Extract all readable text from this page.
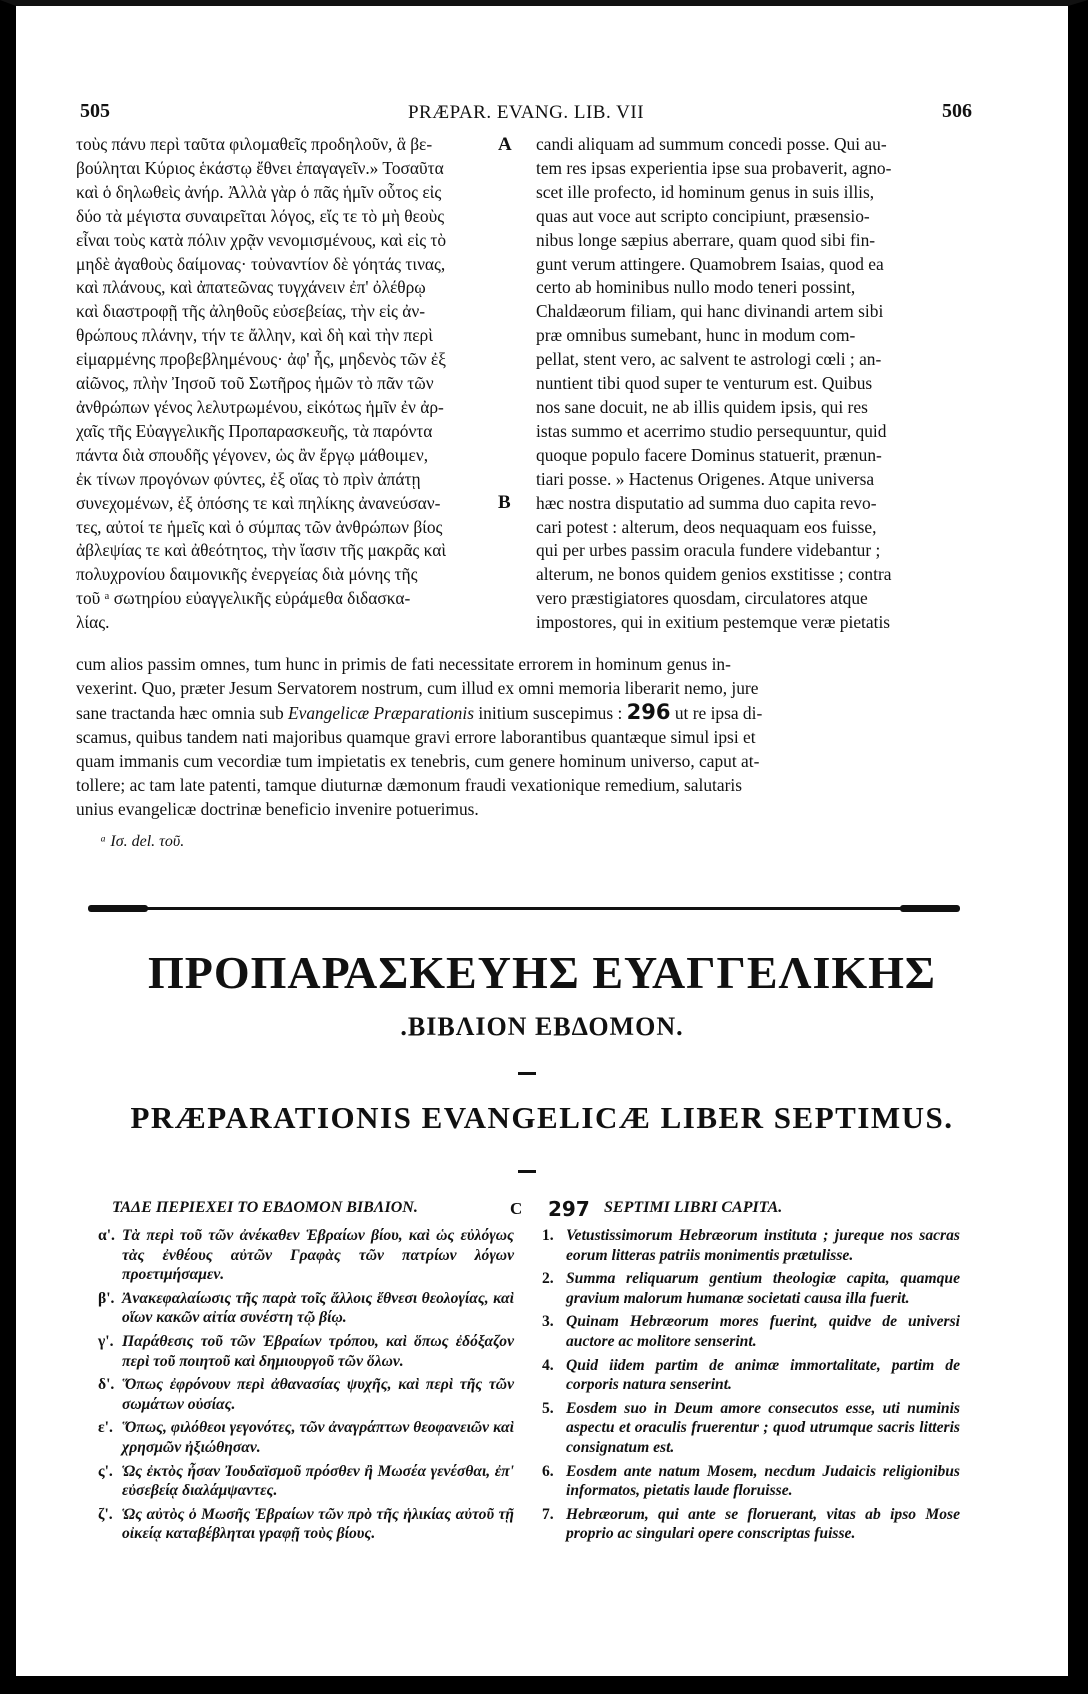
505	PRÆPAR. EVANG. LIB. VII	506
A
B

τοὺς πάνυ περὶ ταῦτα φιλομαθεῖς προδηλοῦν, ἃ βε-

βούληται Κύριος ἑκάστῳ ἔθνει ἐπαγαγεῖν.» Τοσαῦτα

καὶ ὁ δηλωθεὶς ἀνήρ. Ἀλλὰ γὰρ ὁ πᾶς ἡμῖν οὗτος εἰς

δύο τὰ μέγιστα συναιρεῖται λόγος, εἴς τε τὸ μὴ θεοὺς

εἶναι τοὺς κατὰ πόλιν χρᾷν νενομισμένους, καὶ εἰς τὸ

μηδὲ ἀγαθοὺς δαίμονας· τοὐναντίον δὲ γόητάς τινας,

καὶ πλάνους, καὶ ἀπατεῶνας τυγχάνειν ἐπ' ὀλέθρῳ

καὶ διαστροφῇ τῆς ἀληθοῦς εὐσεβείας, τὴν εἰς ἀν-

θρώπους πλάνην, τήν τε ἄλλην, καὶ δὴ καὶ τὴν περὶ

εἱμαρμένης προβεβλημένους· ἀφ' ἧς, μηδενὸς τῶν ἐξ

αἰῶνος, πλὴν Ἰησοῦ τοῦ Σωτῆρος ἡμῶν τὸ πᾶν τῶν

ἀνθρώπων γένος λελυτρωμένου, εἰκότως ἡμῖν ἐν ἀρ-

χαῖς τῆς Εὐαγγελικῆς Προπαρασκευῆς, τὰ παρόντα

πάντα διὰ σπουδῆς γέγονεν, ὡς ἂν ἔργῳ μάθοιμεν,

ἐκ τίνων προγόνων φύντες, ἐξ οἵας τὸ πρὶν ἀπάτῃ

συνεχομένων, ἐξ ὁπόσης τε καὶ πηλίκης ἀνανεύσαν-

τες, αὐτοί τε ἡμεῖς καὶ ὁ σύμπας τῶν ἀνθρώπων βίος

ἀβλεψίας τε καὶ ἀθεότητος, τὴν ἴασιν τῆς μακρᾶς καὶ

πολυχρονίου δαιμονικῆς ἐνεργείας διὰ μόνης τῆς

τοῦ ᵃ σωτηρίου εὐαγγελικῆς εὑράμεθα διδασκα-

λίας.

candi aliquam ad summum concedi posse. Qui au-

tem res ipsas experientia ipse sua probaverit, agno-

scet ille profecto, id hominum genus in suis illis,

quas aut voce aut scripto concipiunt, præsensio-

nibus longe sæpius aberrare, quam quod sibi fin-

gunt verum attingere. Quamobrem Isaias, quod ea

certo ab hominibus nullo modo teneri possint,

Chaldæorum filiam, qui hanc divinandi artem sibi

præ omnibus sumebant, hunc in modum com-

pellat, stent vero, ac salvent te astrologi cœli ; an-

nuntient tibi quod super te venturum est. Quibus

nos sane docuit, ne ab illis quidem ipsis, qui res

istas summo et acerrimo studio persequuntur, quid

quoque populo facere Dominus statuerit, prænun-

tiari posse. » Hactenus Origenes. Atque universa

hæc nostra disputatio ad summa duo capita revo-

cari potest : alterum, deos nequaquam eos fuisse,

qui per urbes passim oracula fundere videbantur ;

alterum, ne bonos quidem genios exstitisse ; contra

vero præstigiatores quosdam, circulatores atque

impostores, qui in exitium pestemque veræ pietatis

cum alios passim omnes, tum hunc in primis de fati necessitate errorem in hominum genus in-

vexerint. Quo, præter Jesum Servatorem nostrum, cum illud ex omni memoria liberarit nemo, jure

sane tractanda hæc omnia sub Evangelicæ Præparationis initium suscepimus : 296 ut re ipsa di-

scamus, quibus tandem nati majoribus quamque gravi errore laborantibus quantæque simul ipsi et

quam immanis cum vecordiæ tum impietatis ex tenebris, cum genere hominum universo, caput at-

tollere; ac tam late patenti, tamque diuturnæ dæmonum fraudi vexationique remedium, salutaris

unius evangelicæ doctrinæ beneficio invenire potuerimus.

ᵃ Ισ. del. τοῦ.
ΠΡΟΠΑΡΑΣΚΕΥΗΣ ΕΥΑΓΓΕΛΙΚΗΣ
.ΒΙΒΛΙΟΝ ΕΒΔΟΜΟΝ.
PRÆPARATIONIS EVANGELICÆ LIBER SEPTIMUS.
ΤΑΔΕ ΠΕΡΙΕΧΕΙ ΤΟ ΕΒΔΟΜΟΝ ΒΙΒΛΙΟΝ.	C 297 SEPTIMI LIBRI CAPITA.
α'. Τὰ περὶ τοῦ τῶν ἀνέκαθεν Ἑβραίων βίου, καὶ ὡς εὐλόγως τὰς ἐνθέους αὐτῶν Γραφὰς τῶν πατρίων λόγων προετιμήσαμεν.
β'. Ἀνακεφαλαίωσις τῆς παρὰ τοῖς ἄλλοις ἔθνεσι θεολογίας, καὶ οἵων κακῶν αἰτία συνέστη τῷ βίῳ.
γ'. Παράθεσις τοῦ τῶν Ἑβραίων τρόπου, καὶ ὅπως ἐδόξαζον περὶ τοῦ ποιητοῦ καὶ δημιουργοῦ τῶν ὅλων.
δ'. Ὅπως ἐφρόνουν περὶ ἀθανασίας ψυχῆς, καὶ περὶ τῆς τῶν σωμάτων οὐσίας.
ε'. Ὅπως, φιλόθεοι γεγονότες, τῶν ἀναγράπτων θεοφανειῶν καὶ χρησμῶν ἠξιώθησαν.
ς'. Ὡς ἐκτὸς ἦσαν Ἰουδαϊσμοῦ πρόσθεν ἢ Μωσέα γενέσθαι, ἐπ' εὐσεβείᾳ διαλάμψαντες.
ζ'. Ὡς αὐτὸς ὁ Μωσῆς Ἑβραίων τῶν πρὸ τῆς ἡλικίας αὐτοῦ τῇ οἰκείᾳ καταβέβληται γραφῇ τοὺς βίους.
1. Vetustissimorum Hebræorum instituta ; jureque nos sacras eorum litteras patriis monimentis prætulisse.
2. Summa reliquarum gentium theologiæ capita, quamque gravium malorum humanæ societati causa illa fuerit.
3. Quinam Hebræorum mores fuerint, quidve de universi auctore ac molitore senserint.
4. Quid iidem partim de animæ immortalitate, partim de corporis natura senserint.
5. Eosdem suo in Deum amore consecutos esse, uti numinis aspectu et oraculis fruerentur ; quod utrumque sacris litteris consignatum est.
6. Eosdem ante natum Mosem, necdum Judaicis religionibus informatos, pietatis laude floruisse.
7. Hebræorum, qui ante se floruerant, vitas ab ipso Mose proprio ac singulari opere conscriptas fuisse.
